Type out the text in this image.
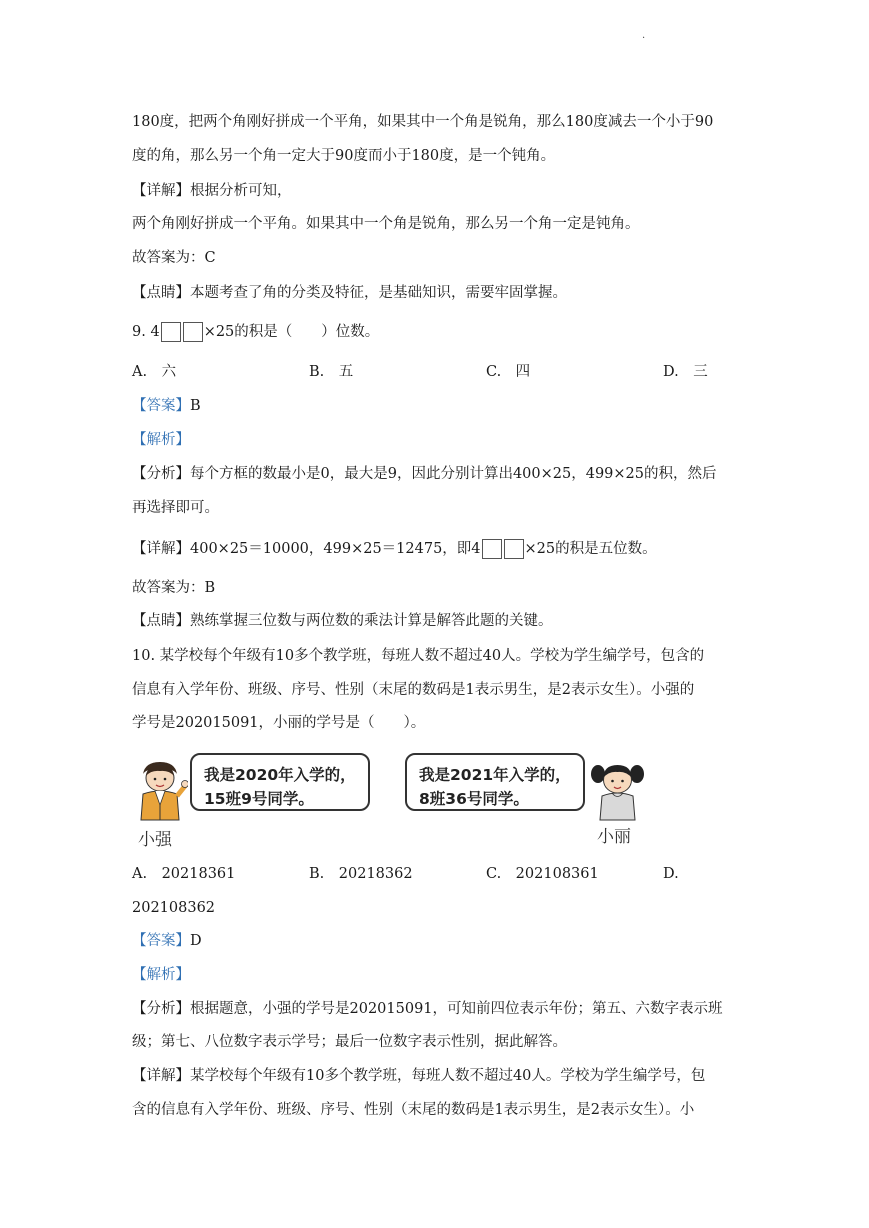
.
180度，把两个角刚好拼成一个平角，如果其中一个角是锐角，那么180度减去一个小于90
度的角，那么另一个角一定大于90度而小于180度，是一个钝角。
【详解】根据分析可知，
两个角刚好拼成一个平角。如果其中一个角是锐角，那么另一个角一定是钝角。
故答案为：C
【点睛】本题考查了角的分类及特征，是基础知识，需要牢固掌握。
9. 4	×25的积是（　　）位数。
A.　六	B.　五	C.　四	D.　三
【答案】B
【解析】
【分析】每个方框的数最小是0，最大是9，因此分别计算出400×25，499×25的积，然后
再选择即可。
【详解】400×25＝10000，499×25＝12475，即4	×25的积是五位数。
故答案为：B
【点睛】熟练掌握三位数与两位数的乘法计算是解答此题的关键。
10. 某学校每个年级有10多个教学班，每班人数不超过40人。学校为学生编学号，包含的
信息有入学年份、班级、序号、性别（末尾的数码是1表示男生，是2表示女生）。小强的
学号是202015091，小丽的学号是（　　）。
我是2020年入学的，
15班9号同学。
小强
我是2021年入学的，
8班36号同学。
小丽
A.　20218361	B.　20218362	C.　202108361	D.
202108362
【答案】D
【解析】
【分析】根据题意，小强的学号是202015091，可知前四位表示年份；第五、六数字表示班
级；第七、八位数字表示学号；最后一位数字表示性别，据此解答。
【详解】某学校每个年级有10多个教学班，每班人数不超过40人。学校为学生编学号，包
含的信息有入学年份、班级、序号、性别（末尾的数码是1表示男生，是2表示女生）。小
